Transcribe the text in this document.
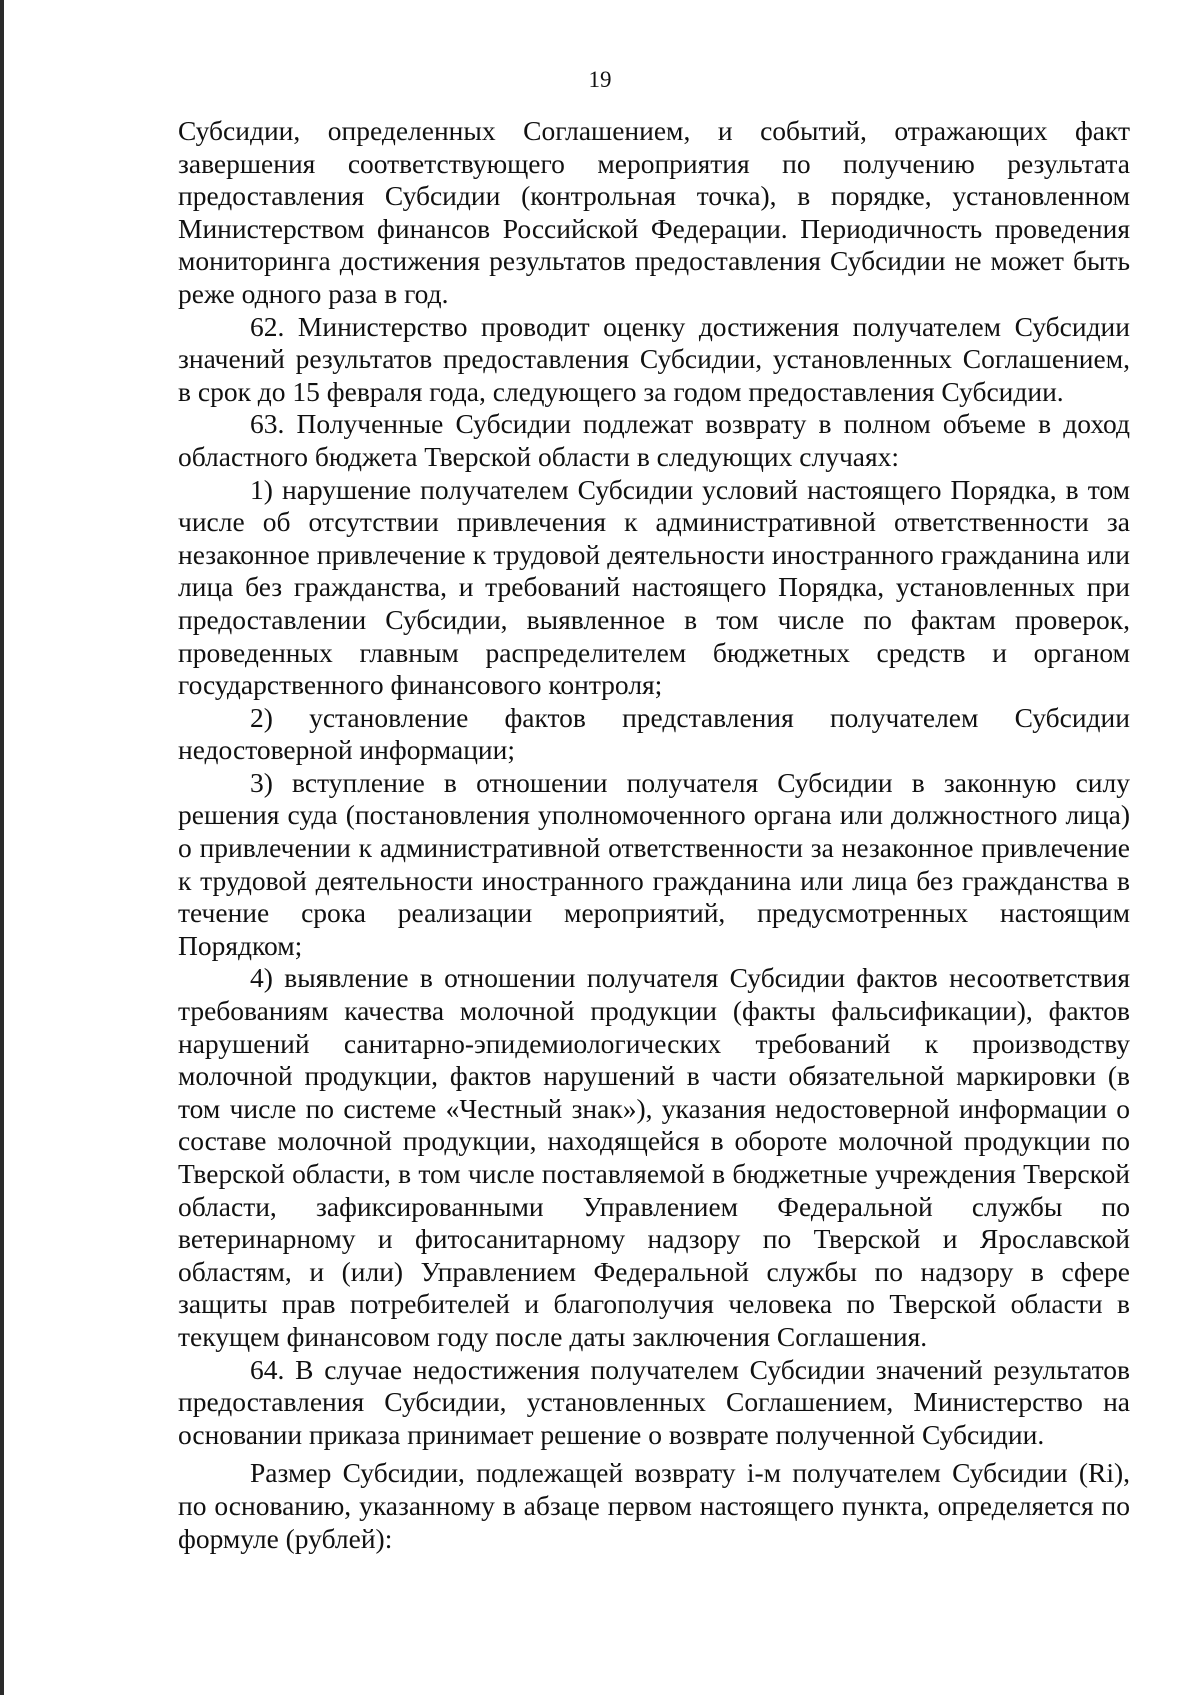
19

Субсидии, определенных Соглашением, и событий, отражающих факт завершения соответствующего мероприятия по получению результата предоставления Субсидии (контрольная точка), в порядке, установленном Министерством финансов Российской Федерации. Периодичность проведения мониторинга достижения результатов предоставления Субсидии не может быть реже одного раза в год.

62. Министерство проводит оценку достижения получателем Субсидии значений результатов предоставления Субсидии, установленных Соглашением, в срок до 15 февраля года, следующего за годом предоставления Субсидии.

63. Полученные Субсидии подлежат возврату в полном объеме в доход областного бюджета Тверской области в следующих случаях:

1) нарушение получателем Субсидии условий настоящего Порядка, в том числе об отсутствии привлечения к административной ответственности за незаконное привлечение к трудовой деятельности иностранного гражданина или лица без гражданства, и требований настоящего Порядка, установленных при предоставлении Субсидии, выявленное в том числе по фактам проверок, проведенных главным распределителем бюджетных средств и органом государственного финансового контроля;

2) установление фактов представления получателем Субсидии недостоверной информации;

3) вступление в отношении получателя Субсидии в законную силу решения суда (постановления уполномоченного органа или должностного лица) о привлечении к административной ответственности за незаконное привлечение к трудовой деятельности иностранного гражданина или лица без гражданства в течение срока реализации мероприятий, предусмотренных настоящим Порядком;

4) выявление в отношении получателя Субсидии фактов несоответствия требованиям качества молочной продукции (факты фальсификации), фактов нарушений санитарно-эпидемиологических требований к производству молочной продукции, фактов нарушений в части обязательной маркировки (в том числе по системе «Честный знак»), указания недостоверной информации о составе молочной продукции, находящейся в обороте молочной продукции по Тверской области, в том числе поставляемой в бюджетные учреждения Тверской области, зафиксированными Управлением Федеральной службы по ветеринарному и фитосанитарному надзору по Тверской и Ярославской областям, и (или) Управлением Федеральной службы по надзору в сфере защиты прав потребителей и благополучия человека по Тверской области в текущем финансовом году после даты заключения Соглашения.

64. В случае недостижения получателем Субсидии значений результатов предоставления Субсидии, установленных Соглашением, Министерство на основании приказа принимает решение о возврате полученной Субсидии.

Размер Субсидии, подлежащей возврату i-м получателем Субсидии (Ri), по основанию, указанному в абзаце первом настоящего пункта, определяется по формуле (рублей):
